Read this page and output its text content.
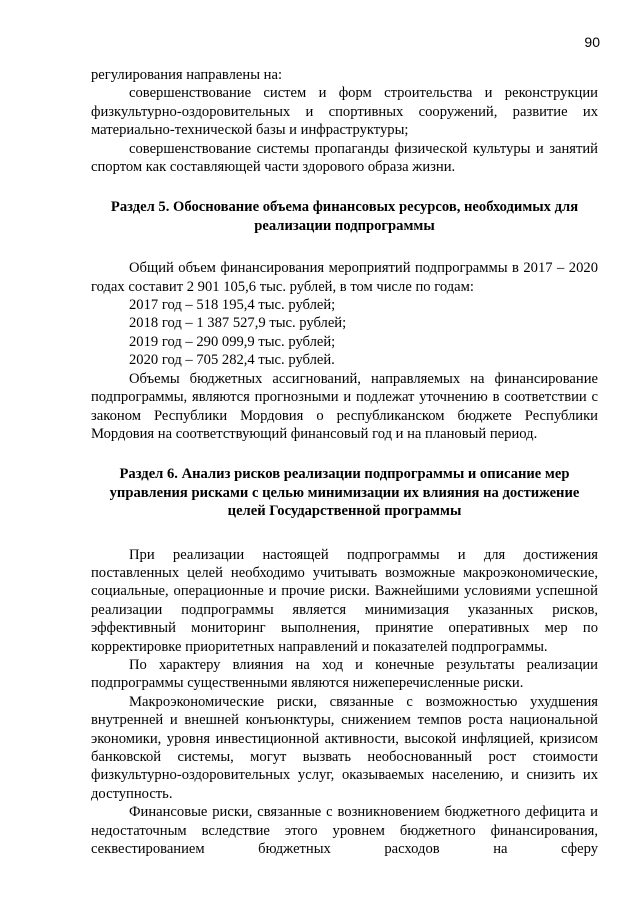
90

регулирования направлены на:

совершенствование систем и форм строительства и реконструкции физкультурно-оздоровительных и спортивных сооружений, развитие их материально-технической базы и инфраструктуры;

совершенствование системы пропаганды физической культуры и занятий спортом как составляющей части здорового образа жизни.

Раздел 5. Обоснование объема финансовых ресурсов, необходимых для реализации подпрограммы

Общий объем финансирования мероприятий подпрограммы в 2017 – 2020 годах составит 2 901 105,6 тыс. рублей, в том числе по годам:

2017 год – 518 195,4 тыс. рублей;

2018 год – 1 387 527,9 тыс. рублей;

2019 год – 290 099,9 тыс. рублей;

2020 год – 705 282,4 тыс. рублей.

Объемы бюджетных ассигнований, направляемых на финансирование подпрограммы, являются прогнозными и подлежат уточнению в соответствии с законом Республики Мордовия о республиканском бюджете Республики Мордовия на соответствующий финансовый год и на плановый период.

Раздел 6. Анализ рисков реализации подпрограммы и описание мер управления рисками с целью минимизации их влияния на достижение целей Государственной программы

При реализации настоящей подпрограммы и для достижения поставленных целей необходимо учитывать возможные макроэкономические, социальные, операционные и прочие риски. Важнейшими условиями успешной реализации подпрограммы является минимизация указанных рисков, эффективный мониторинг выполнения, принятие оперативных мер по корректировке приоритетных направлений и показателей подпрограммы.

По характеру влияния на ход и конечные результаты реализации подпрограммы существенными являются нижеперечисленные риски.

Макроэкономические риски, связанные с возможностью ухудшения внутренней и внешней конъюнктуры, снижением темпов роста национальной экономики, уровня инвестиционной активности, высокой инфляцией, кризисом банковской системы, могут вызвать необоснованный рост стоимости физкультурно-оздоровительных услуг, оказываемых населению, и снизить их доступность.

Финансовые риски, связанные с возникновением бюджетного дефицита и недостаточным вследствие этого уровнем бюджетного финансирования, секвестированием бюджетных расходов на сферу
